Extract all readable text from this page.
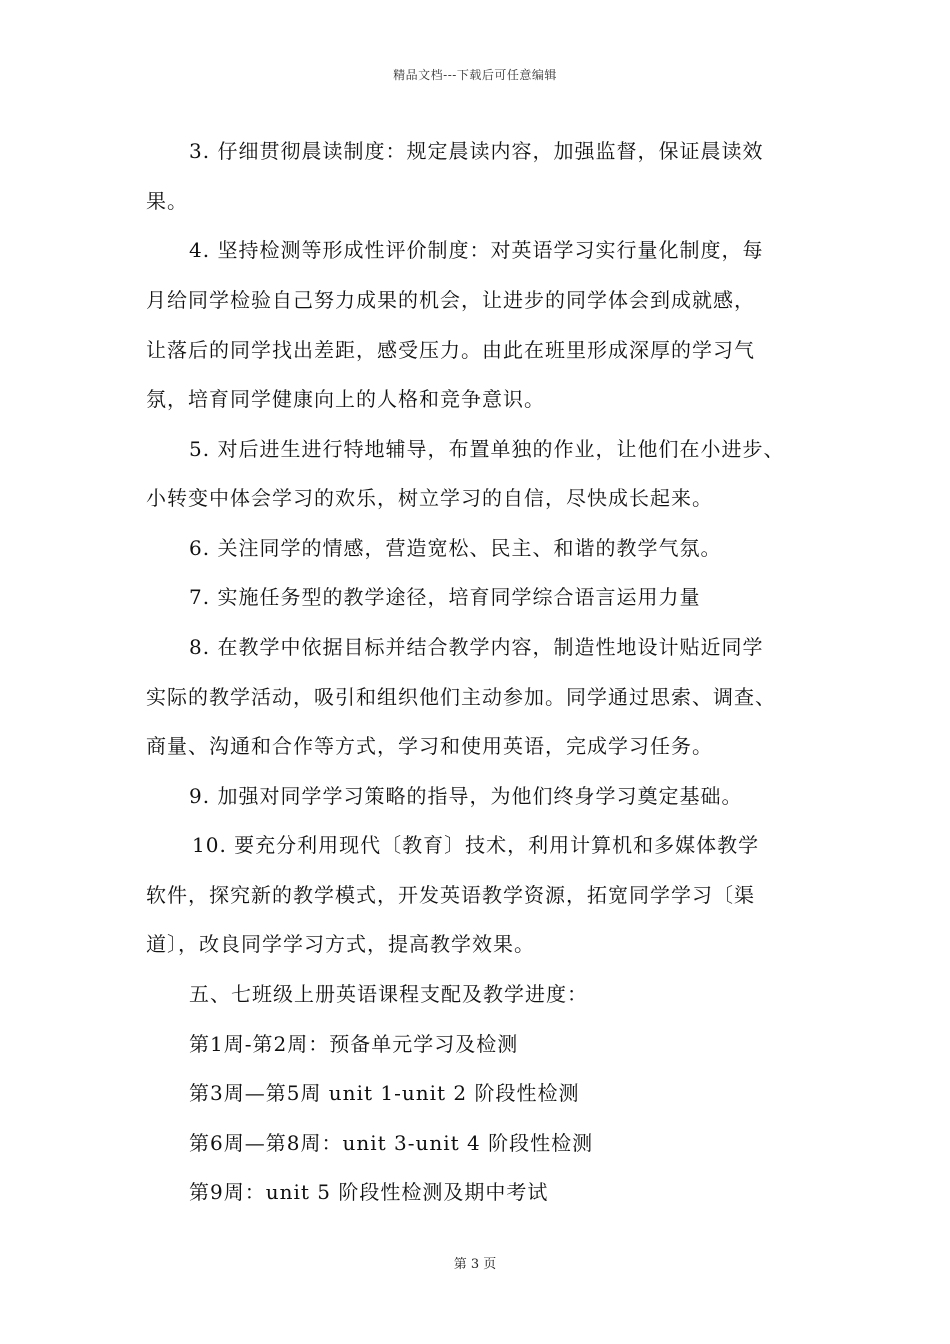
精品文档---下载后可任意编辑
3. 仔细贯彻晨读制度：规定晨读内容，加强监督，保证晨读效
果。
4. 坚持检测等形成性评价制度：对英语学习实行量化制度，每
月给同学检验自己努力成果的机会，让进步的同学体会到成就感，
让落后的同学找出差距，感受压力。由此在班里形成深厚的学习气
氛，培育同学健康向上的人格和竞争意识。
5. 对后进生进行特地辅导，布置单独的作业，让他们在小进步、
小转变中体会学习的欢乐，树立学习的自信，尽快成长起来。
6. 关注同学的情感，营造宽松、民主、和谐的教学气氛。
7. 实施任务型的教学途径，培育同学综合语言运用力量
8. 在教学中依据目标并结合教学内容，制造性地设计贴近同学
实际的教学活动，吸引和组织他们主动参加。同学通过思索、调查、
商量、沟通和合作等方式，学习和使用英语，完成学习任务。
9. 加强对同学学习策略的指导，为他们终身学习奠定基础。
10. 要充分利用现代〔教育〕技术，利用计算机和多媒体教学
软件，探究新的教学模式，开发英语教学资源，拓宽同学学习〔渠
道〕，改良同学学习方式，提高教学效果。
五、七班级上册英语课程支配及教学进度：
第1周-第2周：预备单元学习及检测
第3周—第5周 unit 1-unit 2 阶段性检测
第6周—第8周：unit 3-unit 4 阶段性检测
第9周：unit 5 阶段性检测及期中考试
第 3 页
